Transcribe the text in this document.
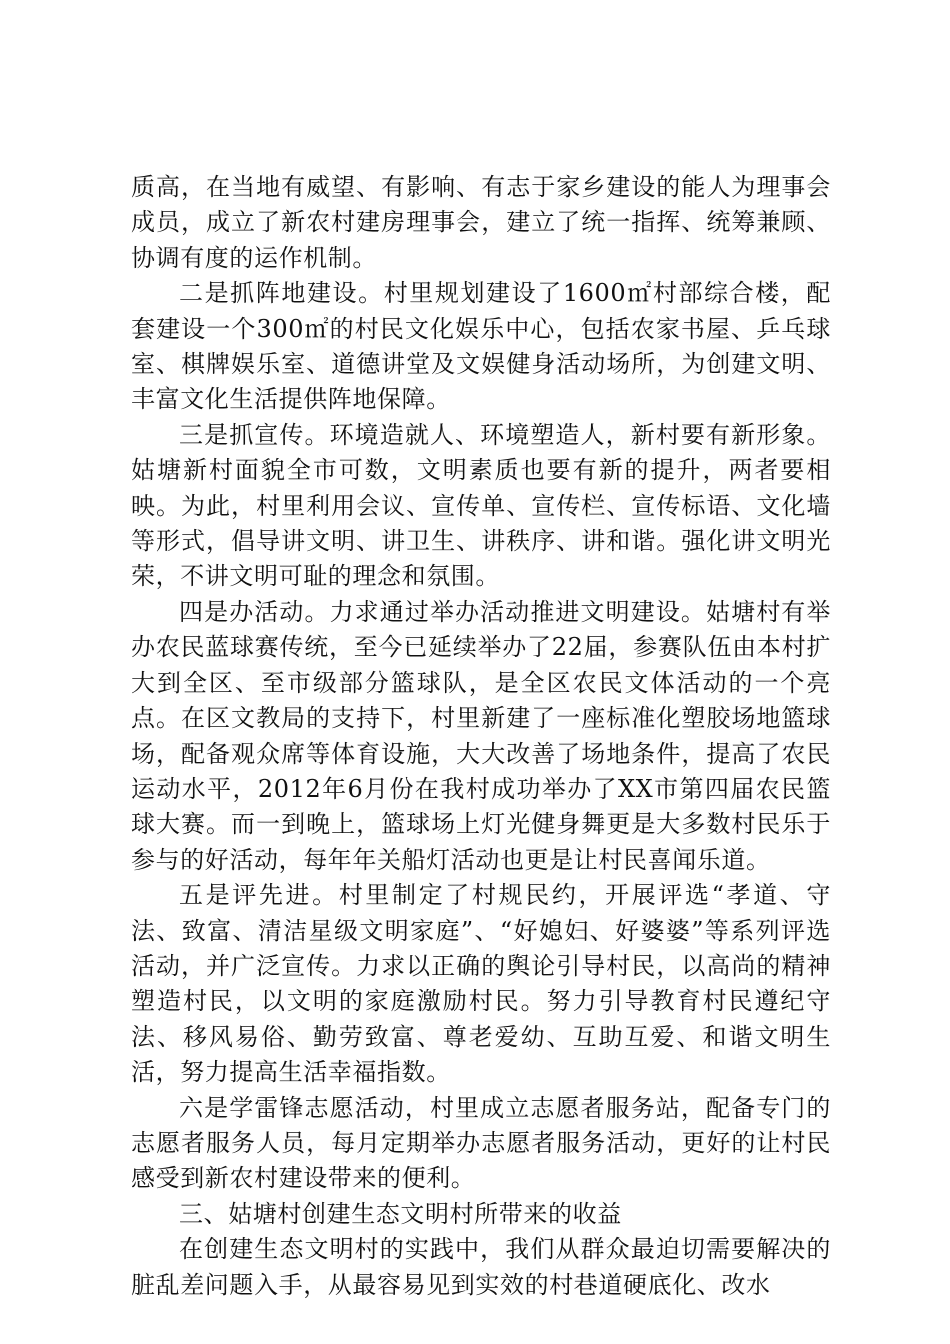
质高，在当地有威望、有影响、有志于家乡建设的能人为理事会成员，成立了新农村建房理事会，建立了统一指挥、统筹兼顾、协调有度的运作机制。

二是抓阵地建设。村里规划建设了1600㎡村部综合楼，配套建设一个300㎡的村民文化娱乐中心，包括农家书屋、乒乓球室、棋牌娱乐室、道德讲堂及文娱健身活动场所，为创建文明、丰富文化生活提供阵地保障。

三是抓宣传。环境造就人、环境塑造人，新村要有新形象。姑塘新村面貌全市可数，文明素质也要有新的提升，两者要相映。为此，村里利用会议、宣传单、宣传栏、宣传标语、文化墙等形式，倡导讲文明、讲卫生、讲秩序、讲和谐。强化讲文明光荣，不讲文明可耻的理念和氛围。

四是办活动。力求通过举办活动推进文明建设。姑塘村有举办农民蓝球赛传统，至今已延续举办了22届，参赛队伍由本村扩大到全区、至市级部分篮球队，是全区农民文体活动的一个亮点。在区文教局的支持下，村里新建了一座标准化塑胶场地篮球场，配备观众席等体育设施，大大改善了场地条件，提高了农民运动水平，2012年6月份在我村成功举办了XX市第四届农民篮球大赛。而一到晚上，篮球场上灯光健身舞更是大多数村民乐于参与的好活动，每年年关船灯活动也更是让村民喜闻乐道。

五是评先进。村里制定了村规民约，开展评选“孝道、守法、致富、清洁星级文明家庭”、“好媳妇、好婆婆”等系列评选活动，并广泛宣传。力求以正确的舆论引导村民，以高尚的精神塑造村民，以文明的家庭激励村民。努力引导教育村民遵纪守法、移风易俗、勤劳致富、尊老爱幼、互助互爱、和谐文明生活，努力提高生活幸福指数。

六是学雷锋志愿活动，村里成立志愿者服务站，配备专门的志愿者服务人员，每月定期举办志愿者服务活动，更好的让村民感受到新农村建设带来的便利。

三、姑塘村创建生态文明村所带来的收益

在创建生态文明村的实践中，我们从群众最迫切需要解决的脏乱差问题入手，从最容易见到实效的村巷道硬底化、改水
